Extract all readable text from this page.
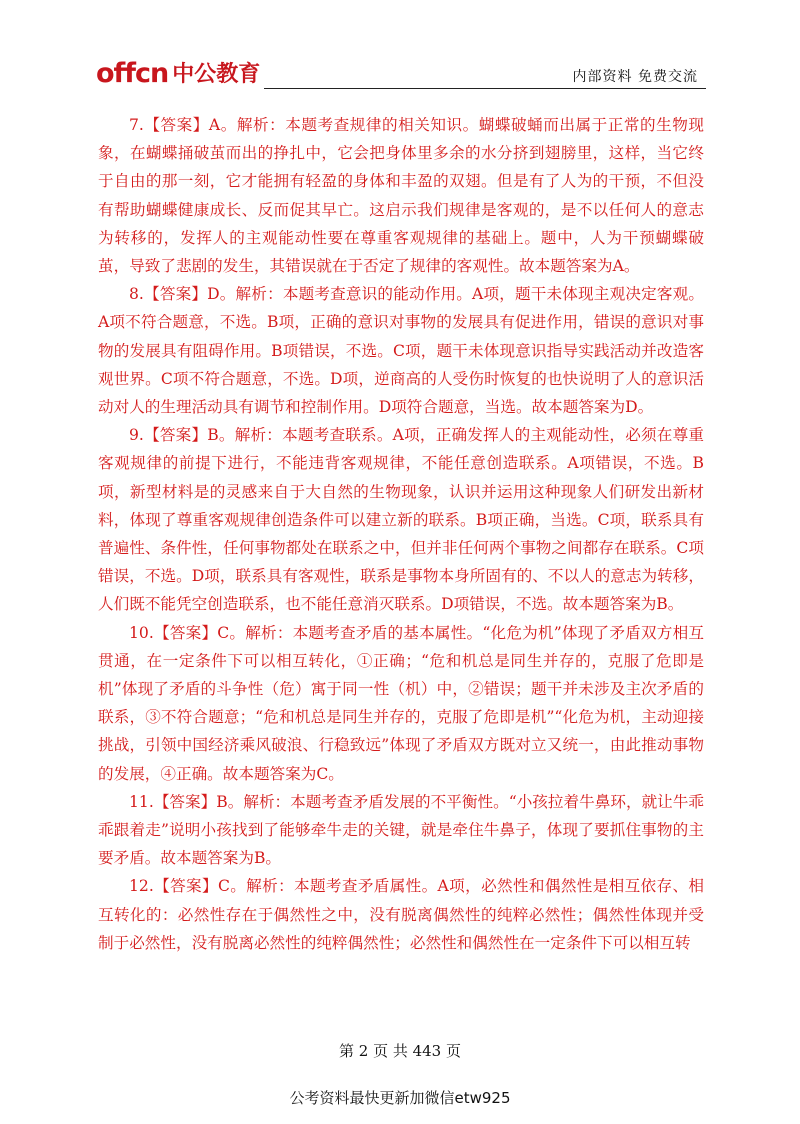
offcn 中公教育	内部资料 免费交流

7.【答案】A。解析：本题考查规律的相关知识。蝴蝶破蛹而出属于正常的生物现象，在蝴蝶捅破茧而出的挣扎中，它会把身体里多余的水分挤到翅膀里，这样，当它终于自由的那一刻，它才能拥有轻盈的身体和丰盈的双翅。但是有了人为的干预，不但没有帮助蝴蝶健康成长、反而促其早亡。这启示我们规律是客观的，是不以任何人的意志为转移的，发挥人的主观能动性要在尊重客观规律的基础上。题中，人为干预蝴蝶破茧，导致了悲剧的发生，其错误就在于否定了规律的客观性。故本题答案为A。

8.【答案】D。解析：本题考查意识的能动作用。A项，题干未体现主观决定客观。A项不符合题意，不选。B项，正确的意识对事物的发展具有促进作用，错误的意识对事物的发展具有阻碍作用。B项错误，不选。C项，题干未体现意识指导实践活动并改造客观世界。C项不符合题意，不选。D项，逆商高的人受伤时恢复的也快说明了人的意识活动对人的生理活动具有调节和控制作用。D项符合题意，当选。故本题答案为D。

9.【答案】B。解析：本题考查联系。A项，正确发挥人的主观能动性，必须在尊重客观规律的前提下进行，不能违背客观规律，不能任意创造联系。A项错误，不选。B项，新型材料是的灵感来自于大自然的生物现象，认识并运用这种现象人们研发出新材料，体现了尊重客观规律创造条件可以建立新的联系。B项正确，当选。C项，联系具有普遍性、条件性，任何事物都处在联系之中，但并非任何两个事物之间都存在联系。C项错误，不选。D项，联系具有客观性，联系是事物本身所固有的、不以人的意志为转移，人们既不能凭空创造联系，也不能任意消灭联系。D项错误，不选。故本题答案为B。

10.【答案】C。解析：本题考查矛盾的基本属性。“化危为机”体现了矛盾双方相互贯通，在一定条件下可以相互转化，①正确；“危和机总是同生并存的，克服了危即是机”体现了矛盾的斗争性（危）寓于同一性（机）中，②错误；题干并未涉及主次矛盾的联系，③不符合题意；“危和机总是同生并存的，克服了危即是机”“化危为机，主动迎接挑战，引领中国经济乘风破浪、行稳致远”体现了矛盾双方既对立又统一，由此推动事物的发展，④正确。故本题答案为C。

11.【答案】B。解析：本题考查矛盾发展的不平衡性。“小孩拉着牛鼻环，就让牛乖乖跟着走”说明小孩找到了能够牵牛走的关键，就是牵住牛鼻子，体现了要抓住事物的主要矛盾。故本题答案为B。

12.【答案】C。解析：本题考查矛盾属性。A项，必然性和偶然性是相互依存、相互转化的：必然性存在于偶然性之中，没有脱离偶然性的纯粹必然性；偶然性体现并受制于必然性，没有脱离必然性的纯粹偶然性；必然性和偶然性在一定条件下可以相互转

第 2 页 共 443 页
公考资料最快更新加微信etw925
